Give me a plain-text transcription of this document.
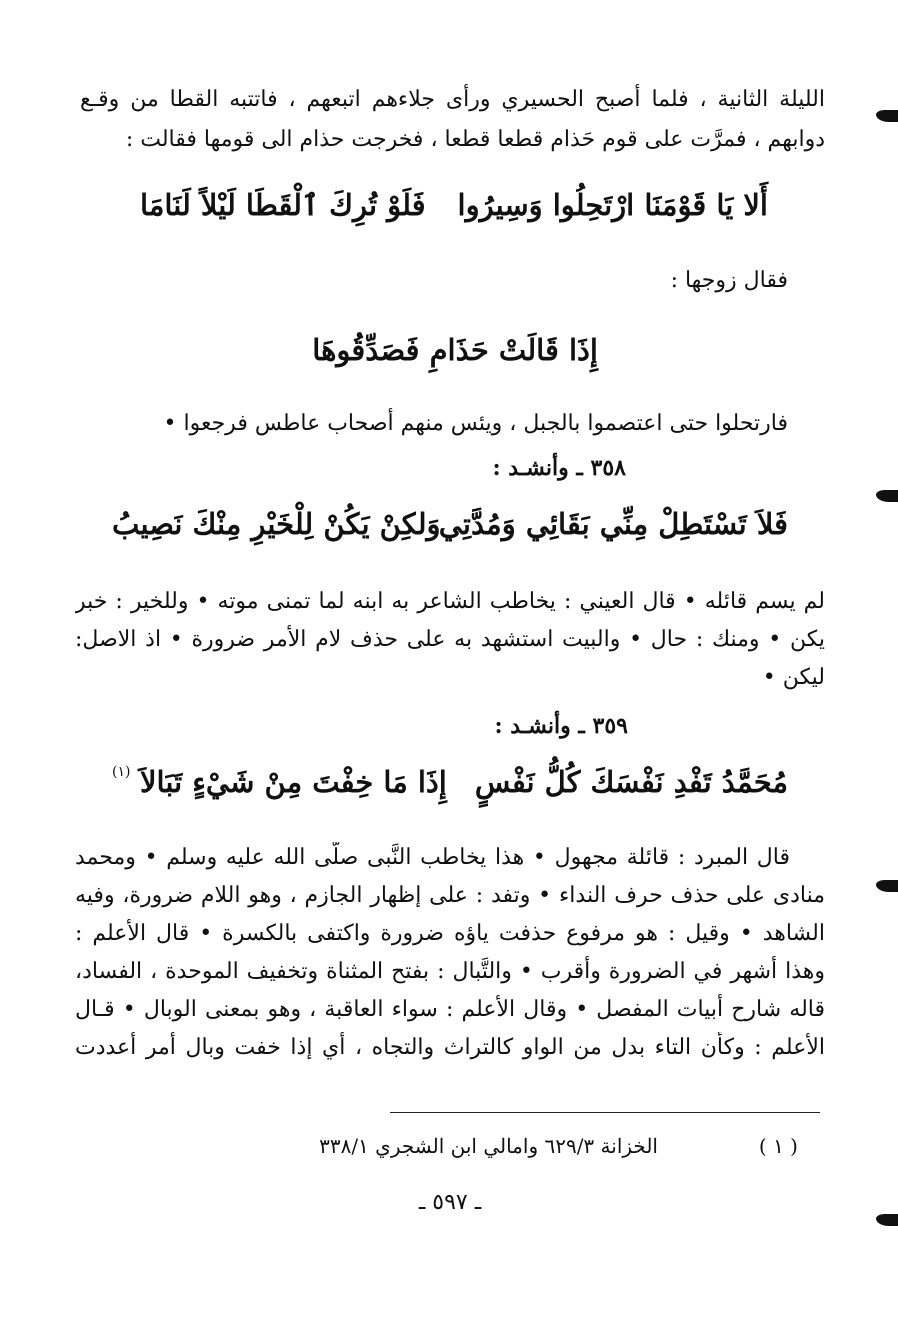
الليلة الثانية ، فلما أصبح الحسيري ورأى جلاءهم اتبعهم ، فاتتبه القطا من وقـع
دوابهم ، فمرَّت على قوم حَذام قطعا قطعا ، فخرجت حذام الى قومها فقالت :
أَلا يَا قَوْمَنَا ارْتَحِلُوا وَسِيرُوا
فَلَوْ تُرِكَ ٱلْقَطَا لَيْلاً لَنَامَا
فقال زوجها :
إِذَا قَالَتْ حَذَامِ فَصَدِّقُوهَا
فارتحلوا حتى اعتصموا بالجبل ، ويئس منهم أصحاب عاطس فرجعوا •
٣٥٨ ـ وأنشـد :
فَلاَ تَسْتَطِلْ مِنِّي بَقَائِي وَمُدَّتِي
وَلكِنْ يَكُنْ لِلْخَيْرِ مِنْكَ نَصِيبُ
لم يسم قائله • قال العيني : يخاطب الشاعر به ابنه لما تمنى موته • وللخير : خبر
يكن • ومنك : حال • والبيت استشهد به على حذف لام الأمر ضرورة • اذ الاصل:
ليكن •
٣٥٩ ـ وأنشـد :
مُحَمَّدُ تَفْدِ نَفْسَكَ كُلُّ نَفْسٍ
إِذَا مَا خِفْتَ مِنْ شَيْءٍ تَبَالاَ
(١)
قال المبرد : قائلة مجهول • هذا يخاطب النَّبى صلَّى الله عليه وسلم • ومحمد
منادى على حذف حرف النداء • وتفد : على إظهار الجازم ، وهو اللام ضرورة، وفيه
الشاهد • وقيل : هو مرفوع حذفت ياؤه ضرورة واكتفى بالكسرة • قال الأعلم :
وهذا أشهر في الضرورة وأقرب • والتَّبال : بفتح المثناة وتخفيف الموحدة ، الفساد،
قاله شارح أبيات المفصل • وقال الأعلم : سواء العاقبة ، وهو بمعنى الوبال • قـال
الأعلم : وكأن التاء بدل من الواو كالتراث والتجاه ، أي إذا خفت وبال أمر أعددت
( ١ )
الخزانة ٦٢٩/٣ وامالي ابن الشجري ٣٣٨/١
ـ ٥٩٧ ـ
